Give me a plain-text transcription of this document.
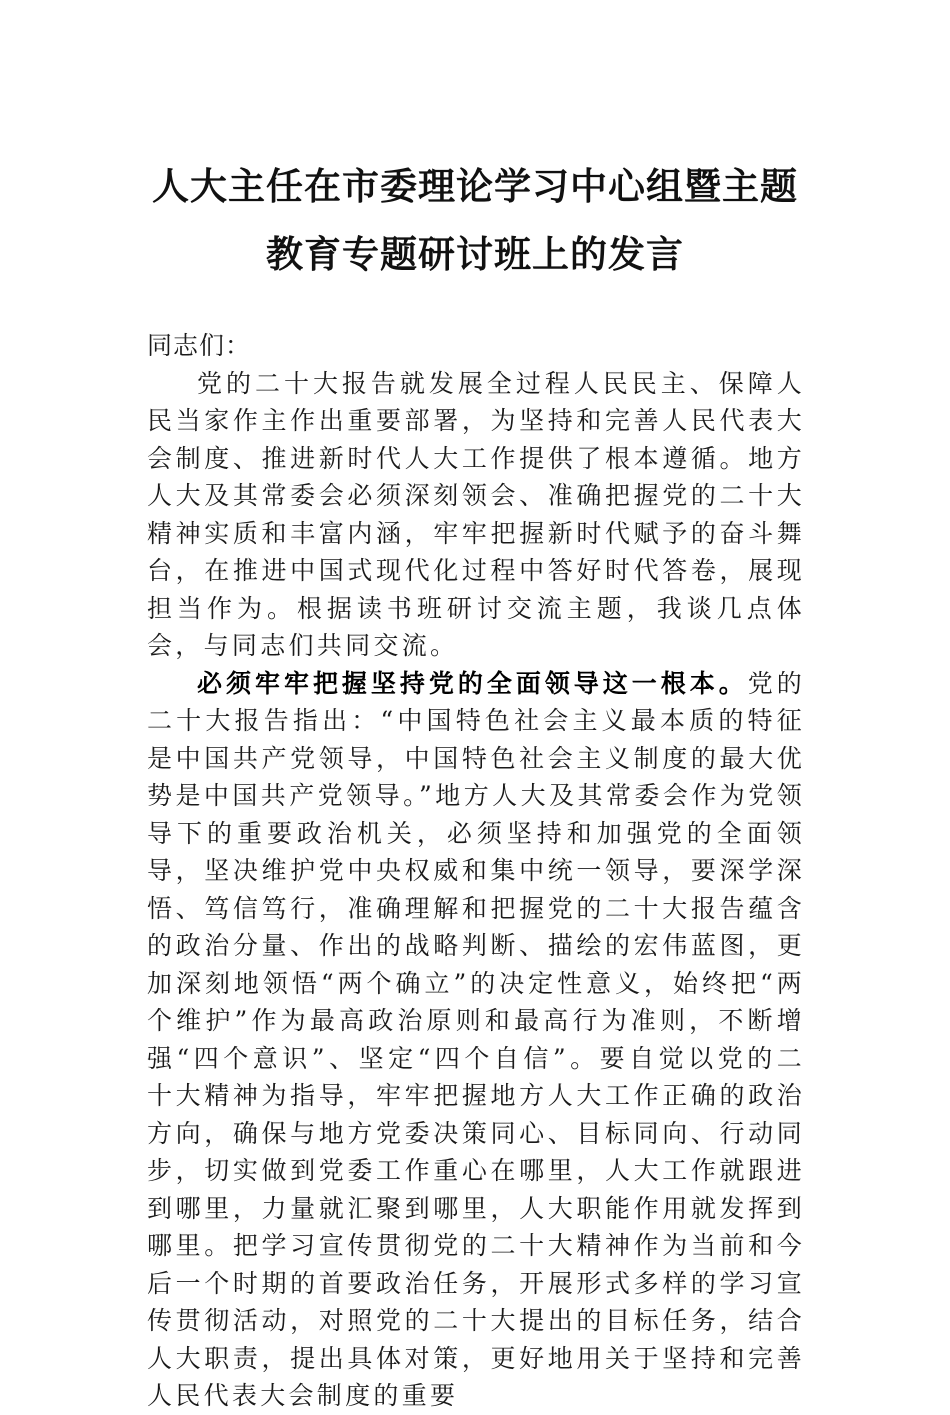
人大主任在市委理论学习中心组暨主题教育专题研讨班上的发言

同志们：

党的二十大报告就发展全过程人民民主、保障人民当家作主作出重要部署，为坚持和完善人民代表大会制度、推进新时代人大工作提供了根本遵循。地方人大及其常委会必须深刻领会、准确把握党的二十大精神实质和丰富内涵，牢牢把握新时代赋予的奋斗舞台，在推进中国式现代化过程中答好时代答卷，展现担当作为。根据读书班研讨交流主题，我谈几点体会，与同志们共同交流。

必须牢牢把握坚持党的全面领导这一根本。党的二十大报告指出：“中国特色社会主义最本质的特征是中国共产党领导，中国特色社会主义制度的最大优势是中国共产党领导。”地方人大及其常委会作为党领导下的重要政治机关，必须坚持和加强党的全面领导，坚决维护党中央权威和集中统一领导，要深学深悟、笃信笃行，准确理解和把握党的二十大报告蕴含的政治分量、作出的战略判断、描绘的宏伟蓝图，更加深刻地领悟“两个确立”的决定性意义，始终把“两个维护”作为最高政治原则和最高行为准则，不断增强“四个意识”、坚定“四个自信”。要自觉以党的二十大精神为指导，牢牢把握地方人大工作正确的政治方向，确保与地方党委决策同心、目标同向、行动同步，切实做到党委工作重心在哪里，人大工作就跟进到哪里，力量就汇聚到哪里，人大职能作用就发挥到哪里。把学习宣传贯彻党的二十大精神作为当前和今后一个时期的首要政治任务，开展形式多样的学习宣传贯彻活动，对照党的二十大提出的目标任务，结合人大职责，提出具体对策，更好地用关于坚持和完善人民代表大会制度的重要
